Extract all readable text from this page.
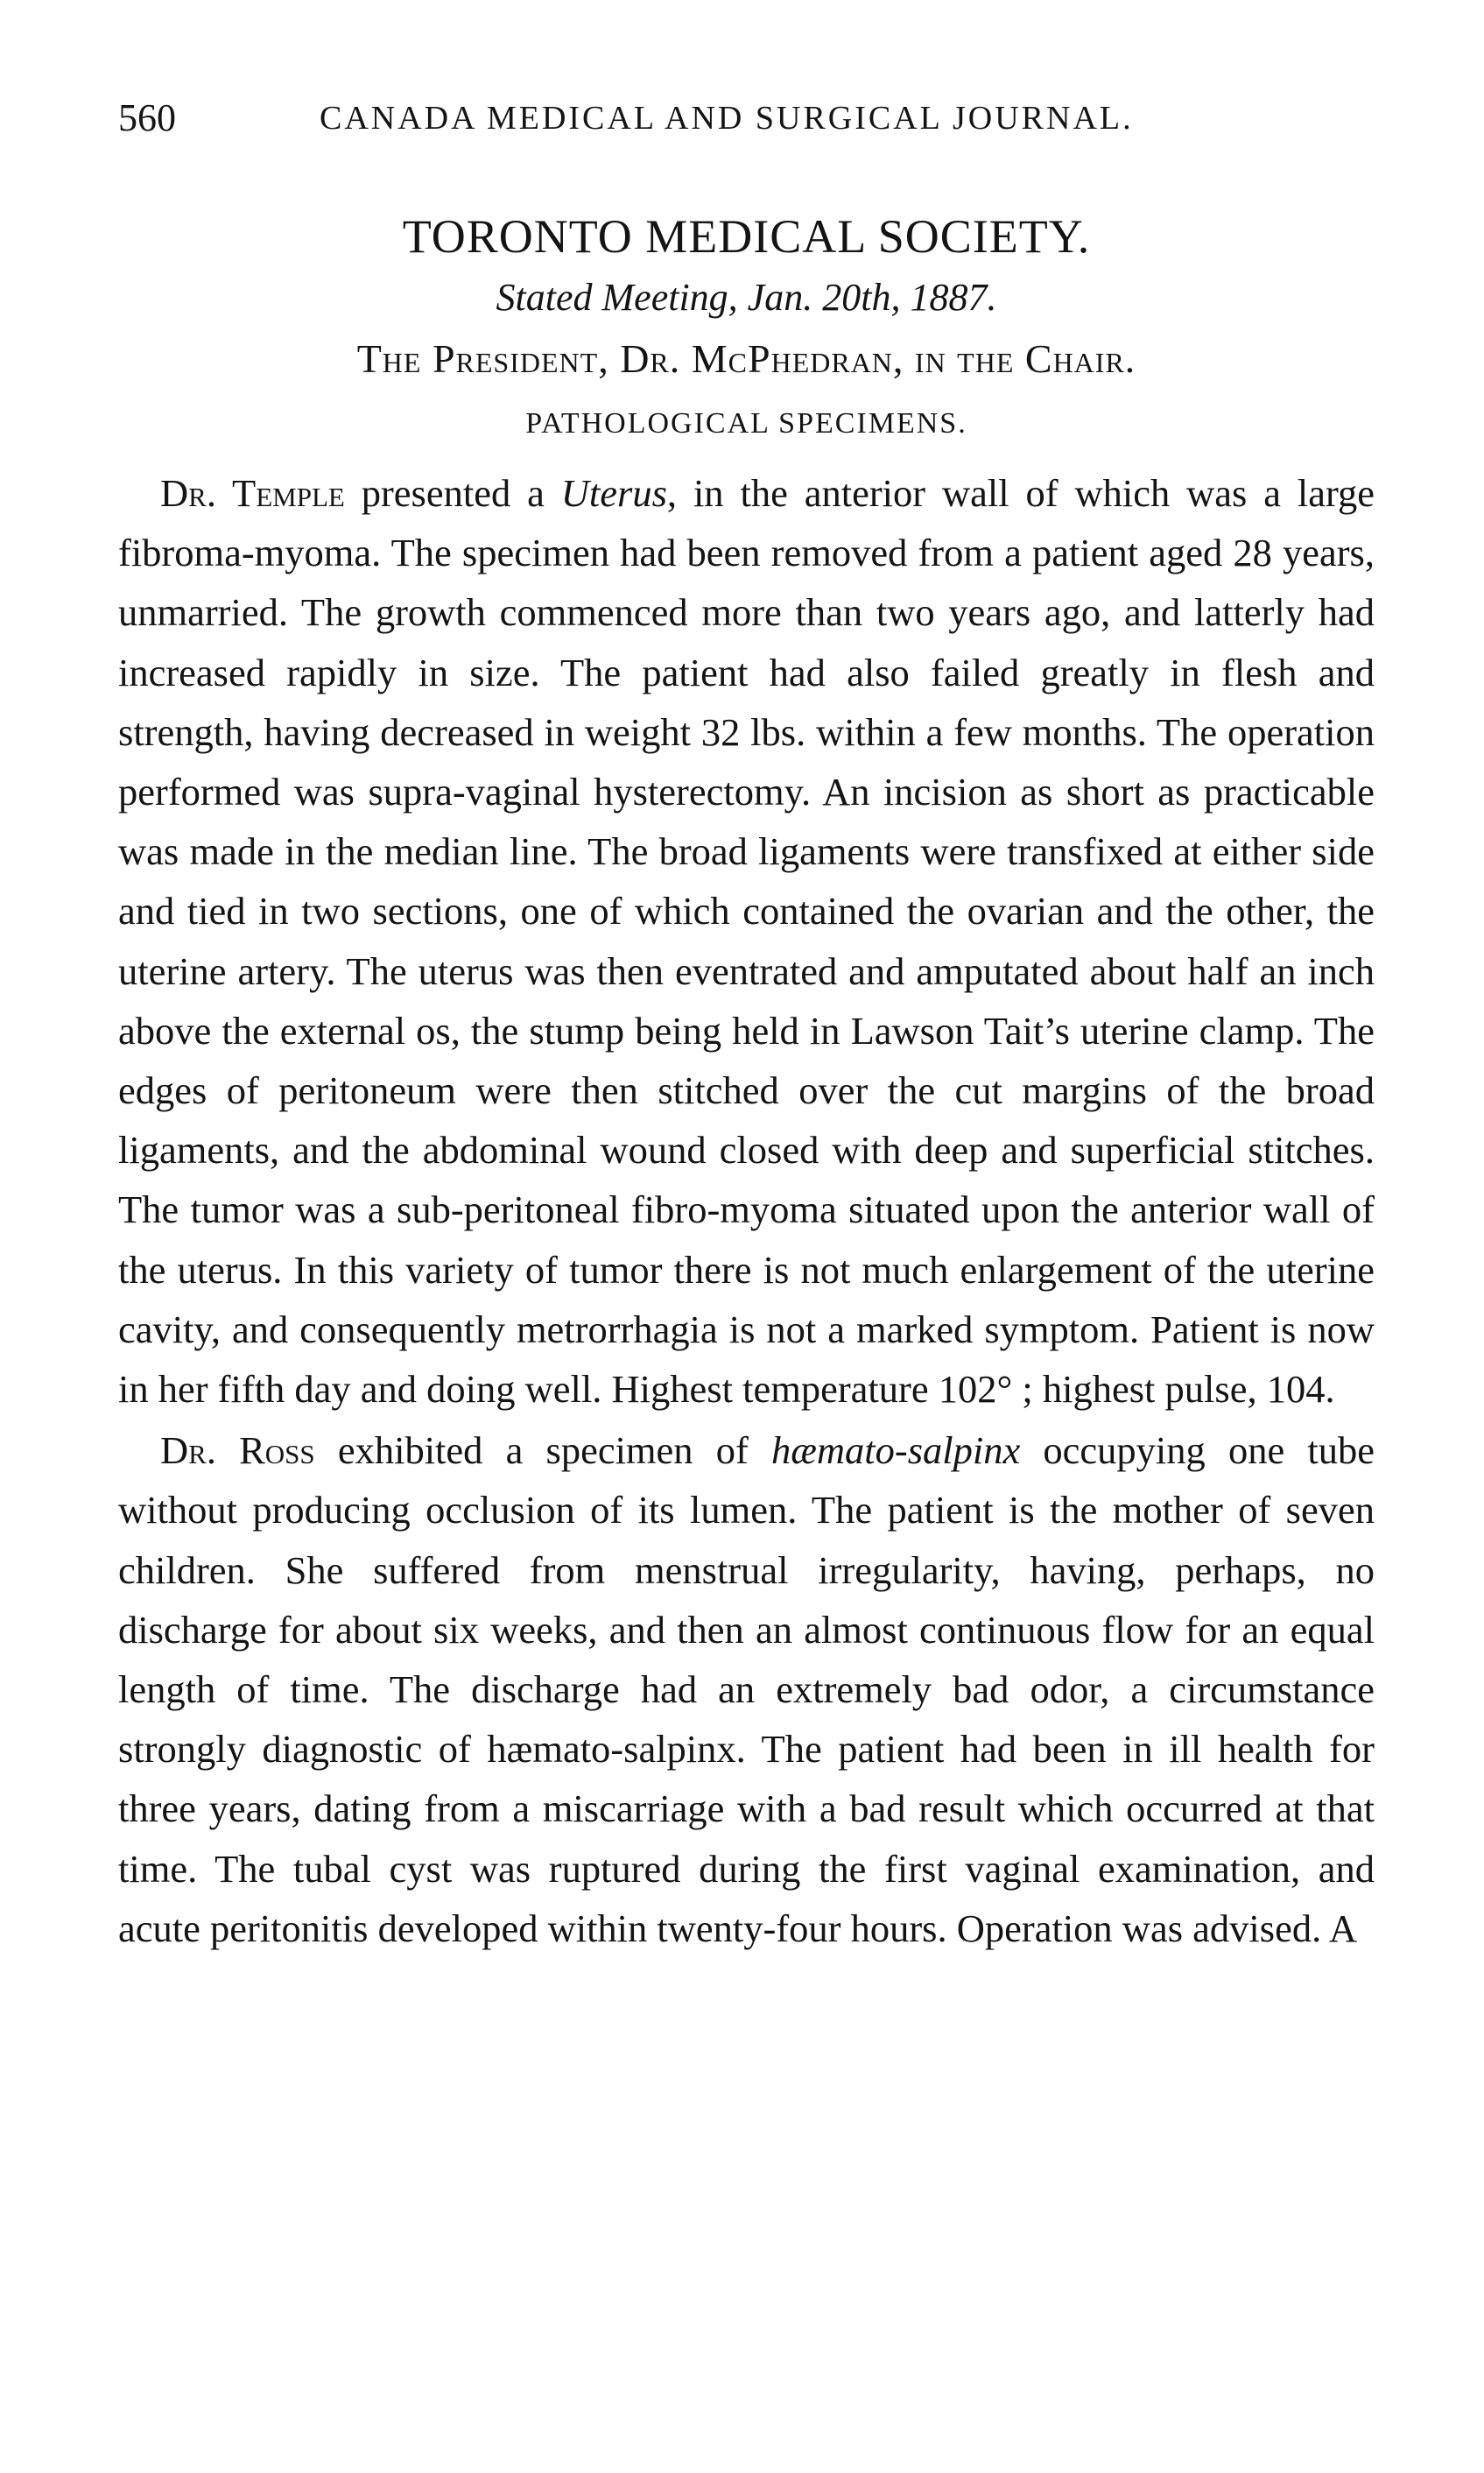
560	CANADA MEDICAL AND SURGICAL JOURNAL.
TORONTO MEDICAL SOCIETY.
Stated Meeting, Jan. 20th, 1887.
The President, Dr. McPhedran, in the Chair.
PATHOLOGICAL SPECIMENS.

Dr. Temple presented a Uterus, in the anterior wall of which was a large fibroma-myoma. The specimen had been removed from a patient aged 28 years, unmarried. The growth commenced more than two years ago, and latterly had increased rapidly in size. The patient had also failed greatly in flesh and strength, having decreased in weight 32 lbs. within a few months. The operation performed was supra-vaginal hysterectomy. An incision as short as practicable was made in the median line. The broad ligaments were transfixed at either side and tied in two sections, one of which contained the ovarian and the other, the uterine artery. The uterus was then eventrated and amputated about half an inch above the external os, the stump being held in Lawson Tait’s uterine clamp. The edges of peritoneum were then stitched over the cut margins of the broad ligaments, and the abdominal wound closed with deep and superficial stitches. The tumor was a sub-peritoneal fibro-myoma situated upon the anterior wall of the uterus. In this variety of tumor there is not much enlargement of the uterine cavity, and consequently metrorrhagia is not a marked symptom. Patient is now in her fifth day and doing well. Highest temperature 102° ; highest pulse, 104.

Dr. Ross exhibited a specimen of hæmato-salpinx occupying one tube without producing occlusion of its lumen. The patient is the mother of seven children. She suffered from menstrual irregularity, having, perhaps, no discharge for about six weeks, and then an almost continuous flow for an equal length of time. The discharge had an extremely bad odor, a circumstance strongly diagnostic of hæmato-salpinx. The patient had been in ill health for three years, dating from a miscarriage with a bad result which occurred at that time. The tubal cyst was ruptured during the first vaginal examination, and acute peritonitis developed within twenty-four hours. Operation was advised. A
